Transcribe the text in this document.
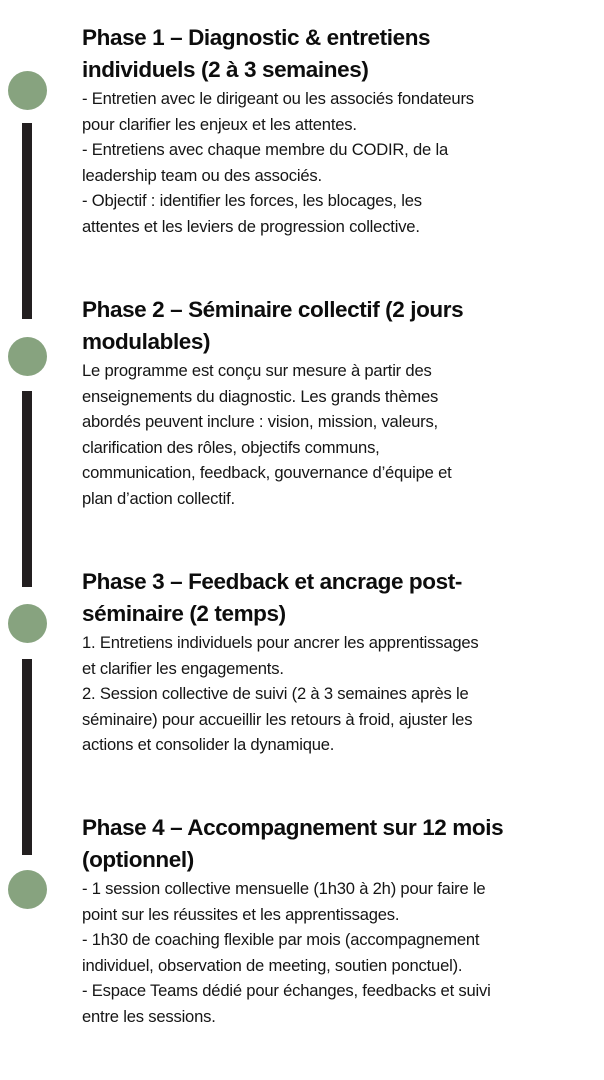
Phase 1 – Diagnostic & entretiens
individuels (2 à 3 semaines)

- Entretien avec le dirigeant ou les associés fondateurs
pour clarifier les enjeux et les attentes.
- Entretiens avec chaque membre du CODIR, de la
leadership team ou des associés.
- Objectif : identifier les forces, les blocages, les
attentes et les leviers de progression collective.

Phase 2 – Séminaire collectif (2 jours
modulables)

Le programme est conçu sur mesure à partir des
enseignements du diagnostic. Les grands thèmes
abordés peuvent inclure : vision, mission, valeurs,
clarification des rôles, objectifs communs,
communication, feedback, gouvernance d’équipe et
plan d’action collectif.

Phase 3 – Feedback et ancrage post-
séminaire (2 temps)

1. Entretiens individuels pour ancrer les apprentissages
et clarifier les engagements.
2. Session collective de suivi (2 à 3 semaines après le
séminaire) pour accueillir les retours à froid, ajuster les
actions et consolider la dynamique.

Phase 4 – Accompagnement sur 12 mois
(optionnel)

- 1 session collective mensuelle (1h30 à 2h) pour faire le
point sur les réussites et les apprentissages.
- 1h30 de coaching flexible par mois (accompagnement
individuel, observation de meeting, soutien ponctuel).
- Espace Teams dédié pour échanges, feedbacks et suivi
entre les sessions.
